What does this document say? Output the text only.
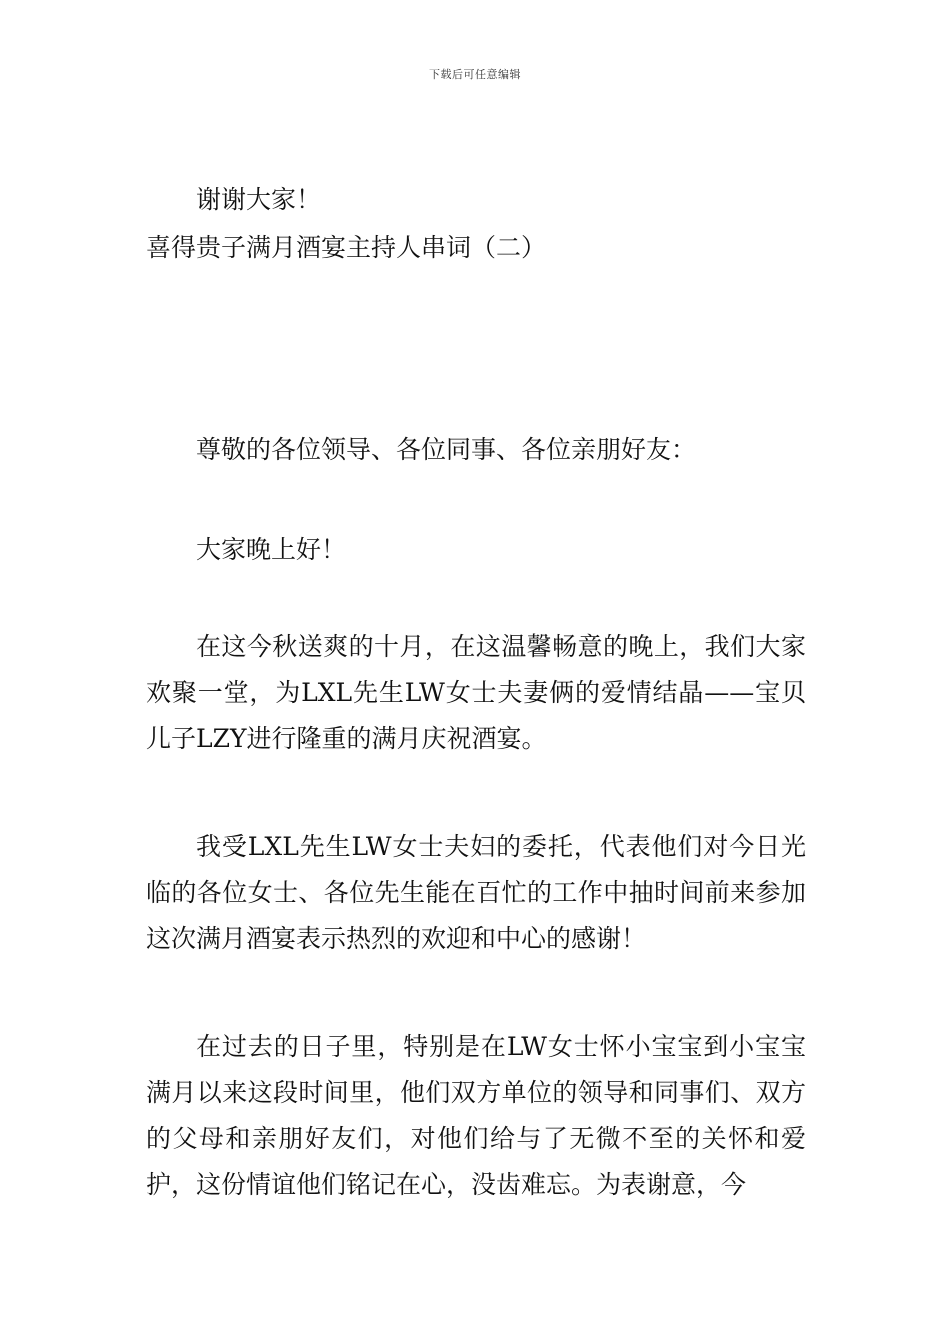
下载后可任意编辑
谢谢大家！
喜得贵子满月酒宴主持人串词（二）
尊敬的各位领导、各位同事、各位亲朋好友：
大家晚上好！
在这今秋送爽的十月，在这温馨畅意的晚上，我们大家欢聚一堂，为LXL先生LW女士夫妻俩的爱情结晶——宝贝儿子LZY进行隆重的满月庆祝酒宴。
我受LXL先生LW女士夫妇的委托，代表他们对今日光临的各位女士、各位先生能在百忙的工作中抽时间前来参加这次满月酒宴表示热烈的欢迎和中心的感谢！
在过去的日子里，特别是在LW女士怀小宝宝到小宝宝满月以来这段时间里，他们双方单位的领导和同事们、双方的父母和亲朋好友们，对他们给与了无微不至的关怀和爱护，这份情谊他们铭记在心，没齿难忘。为表谢意，今
